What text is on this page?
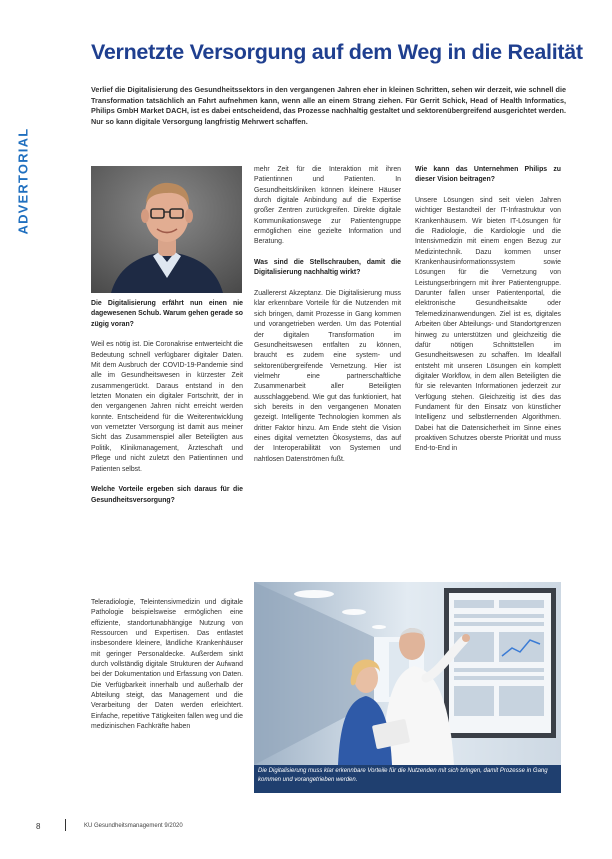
ADVERTORIAL
Vernetzte Versorgung auf dem Weg in die Realität
Verlief die Digitalisierung des Gesundheitssektors in den vergangenen Jahren eher in kleinen Schritten, sehen wir derzeit, wie schnell die Transformation tatsächlich an Fahrt aufnehmen kann, wenn alle an einem Strang ziehen. Für Gerrit Schick, Head of Health Informatics, Philips GmbH Market DACH, ist es dabei entscheidend, das Prozesse nachhaltig gestaltet und sektorenübergreifend ausgerichtet werden. Nur so kann digitale Versorgung langfristig Mehrwert schaffen.

Die Digitalisierung erfährt nun einen nie dagewesenen Schub. Warum gehen gerade so zügig voran?

Weil es nötig ist. Die Coronakrise entwerteicht die Bedeutung schnell verfügbarer digitaler Daten. Mit dem Ausbruch der COVID-19-Pandemie sind alle im Gesundheitswesen in kürzester Zeit zusammengerückt. Daraus entstand in den letzten Monaten ein digitaler Fortschritt, der in den vergangenen Jahren nicht erreicht werden konnte. Entscheidend für die Weiterentwicklung von vernetzter Versorgung ist damit aus meiner Sicht das Zusammenspiel aller Beteiligten aus Politik, Klinikmanagement, Ärzteschaft und Pflege und nicht zuletzt den Patientinnen und Patienten selbst.

Welche Vorteile ergeben sich daraus für die Gesundheitsversorgung?

Teleradiologie, Teleintensivmedizin und digitale Pathologie beispielsweise ermöglichen eine effiziente, standortunabhängige Nutzung von Ressourcen und Expertisen. Das entlastet insbesondere kleinere, ländliche Krankenhäuser mit geringer Personaldecke. Außerdem sinkt durch vollständig digitale Strukturen der Aufwand bei der Dokumentation und Erfassung von Daten. Die Verfügbarkeit innerhalb und außerhalb der Abteilung steigt, das Management und die Verarbeitung der Daten werden erleichtert. Einfache, repetitive Tätigkeiten fallen weg und die medizinischen Fachkräfte haben

mehr Zeit für die Interaktion mit ihren Patientinnen und Patienten. In Gesundheitskliniken können kleinere Häuser durch digitale Anbindung auf die Expertise großer Zentren zurückgreifen. Direkte digitale Kommunikationswege zur Patientengruppe ermöglichen eine gezielte Information und Beratung.

Was sind die Stellschrauben, damit die Digitalisierung nachhaltig wirkt?

Zuallererst Akzeptanz. Die Digitalisierung muss klar erkennbare Vorteile für die Nutzenden mit sich bringen, damit Prozesse in Gang kommen und vorangetrieben werden. Um das Potential der digitalen Transformation im Gesundheitswesen entfalten zu können, braucht es zudem eine system- und sektorenübergreifende Vernetzung. Hier ist vielmehr eine partnerschaftliche Zusammenarbeit aller Beteiligten ausschlaggebend. Wie gut das funktioniert, hat sich bereits in den vergangenen Monaten gezeigt. Intelligente Technologien kommen als dritter Faktor hinzu. Am Ende steht die Vision eines digital vernetzten Ökosystems, das auf der Interoperabilität von Systemen und nahtlosen Datenströmen fußt.

Wie kann das Unternehmen Philips zu dieser Vision beitragen?

Unsere Lösungen sind seit vielen Jahren wichtiger Bestandteil der IT-Infrastruktur von Krankenhäusern. Wir bieten IT-Lösungen für die Radiologie, die Kardiologie und die Intensivmedizin mit einem engen Bezug zur Medizintechnik. Dazu kommen unser Krankenhausinformationssystem sowie Lösungen für die Vernetzung von Leistungserbringern mit ihrer Patientengruppe. Darunter fallen unser Patientenportal, die elektronische Gesundheitsakte oder Telemedizinanwendungen. Ziel ist es, digitales Arbeiten über Abteilungs- und Standortgrenzen hinweg zu unterstützen und gleichzeitig die dafür nötigen Schnittstellen im Gesundheitswesen zu schaffen. Im Idealfall entsteht mit unseren Lösungen ein komplett digitaler Workflow, in dem allen Beteiligten die für sie relevanten Informationen jederzeit zur Verfügung stehen. Gleichzeitig ist dies das Fundament für den Einsatz von künstlicher Intelligenz und selbstlernenden Algorithmen. Dabei hat die Datensicherheit im Sinne eines proaktiven Schutzes oberste Priorität und muss End-to-End in

Die Digitalisierung muss klar erkennbare Vorteile für die Nutzenden mit sich bringen, damit Prozesse in Gang kommen und vorangetrieben werden.
8	KU Gesundheitsmanagement 9/2020
